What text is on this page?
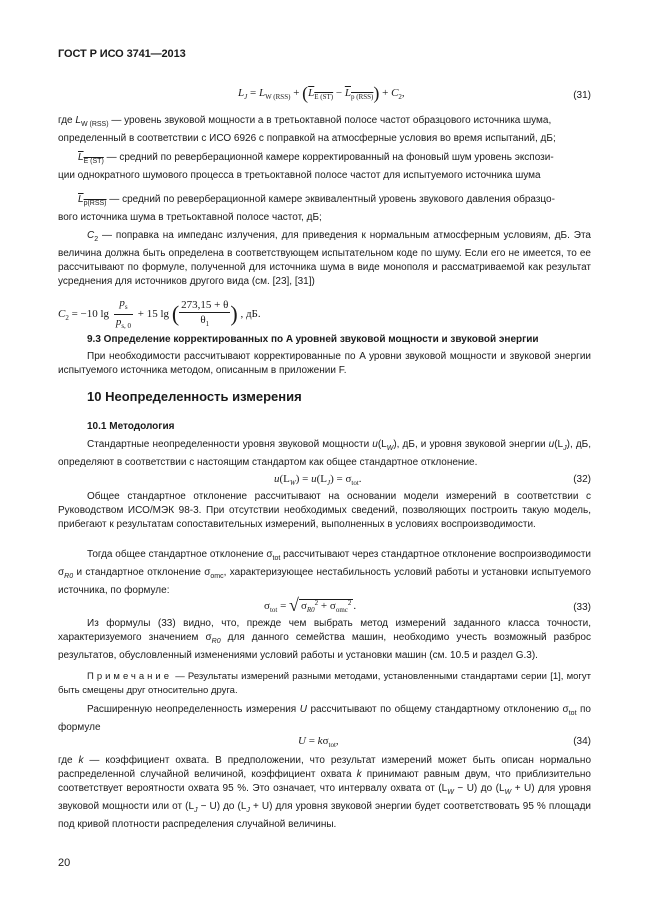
ГОСТ Р ИСО 3741—2013
$L_J = L_{W (RSS)} + (L_{E (ST)} - L_{p (RSS)}) + C_2$,	(31)
где $L_{W (RSS)}$ — уровень звуковой мощности а в третьоктавной полосе частот образцового источника шума,
определенный в соответствии с ИСО 6926 с поправкой на атмосферные условия во время испытаний, дБ;
$L_{E (ST)}$ — средний по реверберационной камере корректированный на фоновый шум уровень экспози-
ции однократного шумового процесса в третьоктавной полосе частот для испытуемого источника шума
$L_{p(RSS)}$ — средний по реверберационной камере эквивалентный уровень звукового давления образцо-
вого источника шума в третьоктавной полосе частот, дБ;
$C_2$ — поправка на импеданс излучения, для приведения к нормальным атмосферным условиям, дБ. Эта величина должна быть определена в соответствующем испытательном коде по шуму. Если его не имеется, то ее рассчитывают по формуле, полученной для источника шума в виде монополя и рассматриваемой как результат усреднения для источников другого вида (см. [23], [31])
$C_2 = -10$ $\lg \frac{p_s}{p_{s, 0}} + 15$ lg ( $\frac{273,15 + \theta}{\theta_1}$ ) , дБ.
9.3 Определение корректированных по A уровней звуковой мощности и звуковой энергии
При необходимости рассчитывают корректированные по A уровни звуковой мощности и звуковой энергии испытуемого источника методом, описанным в приложении F.
10 Неопределенность измерения
10.1 Методология
Стандартные неопределенности уровня звуковой мощности $u(L_W)$, дБ, и уровня звуковой энергии $u(L_J)$, дБ, определяют в соответствии с настоящим стандартом как общее стандартное отклонение.
$u(L_W) = u(L_J) = \sigma_{tot}$.	(32)
Общее стандартное отклонение рассчитывают на основании модели измерений в соответствии с Руководством ИСО/МЭК 98-3. При отсутствии необходимых сведений, позволяющих построить такую модель, прибегают к результатам сопоставительных измерений, выполненных в условиях воспроизводимости.
Тогда общее стандартное отклонение $\sigma_{tot}$ рассчитывают через стандартное отклонение воспроизводимости $\sigma_{R0}$ и стандартное отклонение $\sigma_{omc}$, характеризующее нестабильность условий работы и установки испытуемого источника, по формуле:
$\sigma_{tot}$ = √ $\sigma_{R0}^2 + \sigma_{omc}^2$ .	(33)
Из формулы (33) видно, что, прежде чем выбрать метод измерений заданного класса точности, характеризуемого значением $\sigma_{R0}$ для данного семейства машин, необходимо учесть возможный разброс результатов, обусловленный изменениями условий работы и установки машин (см. 10.5 и раздел G.3).
Примечание — Результаты измерений разными методами, установленными стандартами серии [1], могут быть смещены друг относительно друга.
Расширенную неопределенность измерения U рассчитывают по общему стандартному отклонению $\sigma_{tot}$ по формуле
$U = k\sigma_{tot}$,	(34)
где k — коэффициент охвата. В предположении, что результат измерений может быть описан нормально распределенной случайной величиной, коэффициент охвата k принимают равным двум, что приблизительно соответствует вероятности охвата 95 %. Это означает, что интервалу охвата от $(L_W - U)$ до $(L_W + U)$ для уровня звуковой мощности или от $(L_J - U)$ до $(L_J + U)$ для уровня звуковой энергии будет соответствовать 95 % площади под кривой плотности распределения случайной величины.
20
